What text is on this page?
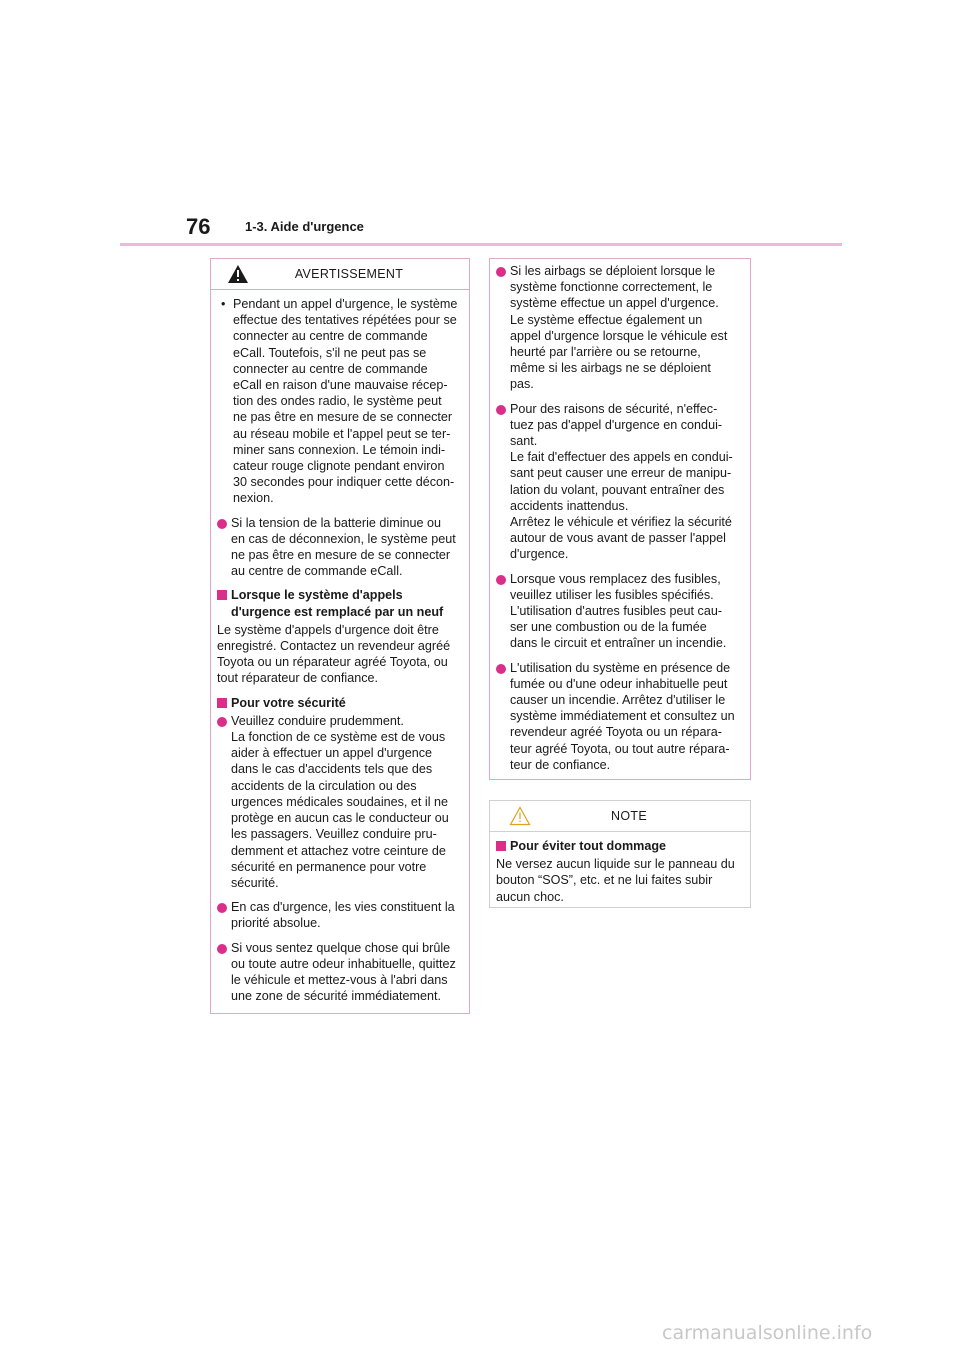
76	1-3. Aide d'urgence
AVERTISSEMENT
• Pendant un appel d'urgence, le système
effectue des tentatives répétées pour se
connecter au centre de commande
eCall. Toutefois, s'il ne peut pas se
connecter au centre de commande
eCall en raison d'une mauvaise récep-
tion des ondes radio, le système peut
ne pas être en mesure de se connecter
au réseau mobile et l'appel peut se ter-
miner sans connexion. Le témoin indi-
cateur rouge clignote pendant environ
30 secondes pour indiquer cette décon-
nexion.
Si la tension de la batterie diminue ou
en cas de déconnexion, le système peut
ne pas être en mesure de se connecter
au centre de commande eCall.
Lorsque le système d'appels
d'urgence est remplacé par un neuf
Le système d'appels d'urgence doit être
enregistré. Contactez un revendeur agréé
Toyota ou un réparateur agréé Toyota, ou
tout réparateur de confiance.
Pour votre sécurité
Veuillez conduire prudemment.
La fonction de ce système est de vous
aider à effectuer un appel d'urgence
dans le cas d'accidents tels que des
accidents de la circulation ou des
urgences médicales soudaines, et il ne
protège en aucun cas le conducteur ou
les passagers. Veuillez conduire pru-
demment et attachez votre ceinture de
sécurité en permanence pour votre
sécurité.
En cas d'urgence, les vies constituent la
priorité absolue.
Si vous sentez quelque chose qui brûle
ou toute autre odeur inhabituelle, quittez
le véhicule et mettez-vous à l'abri dans
une zone de sécurité immédiatement.
Si les airbags se déploient lorsque le
système fonctionne correctement, le
système effectue un appel d'urgence.
Le système effectue également un
appel d'urgence lorsque le véhicule est
heurté par l'arrière ou se retourne,
même si les airbags ne se déploient
pas.
Pour des raisons de sécurité, n'effec-
tuez pas d'appel d'urgence en condui-
sant.
Le fait d'effectuer des appels en condui-
sant peut causer une erreur de manipu-
lation du volant, pouvant entraîner des
accidents inattendus.
Arrêtez le véhicule et vérifiez la sécurité
autour de vous avant de passer l'appel
d'urgence.
Lorsque vous remplacez des fusibles,
veuillez utiliser les fusibles spécifiés.
L'utilisation d'autres fusibles peut cau-
ser une combustion ou de la fumée
dans le circuit et entraîner un incendie.
L'utilisation du système en présence de
fumée ou d'une odeur inhabituelle peut
causer un incendie. Arrêtez d'utiliser le
système immédiatement et consultez un
revendeur agréé Toyota ou un répara-
teur agréé Toyota, ou tout autre répara-
teur de confiance.
NOTE
Pour éviter tout dommage
Ne versez aucun liquide sur le panneau du
bouton “SOS”, etc. et ne lui faites subir
aucun choc.
carmanualsonline.info
